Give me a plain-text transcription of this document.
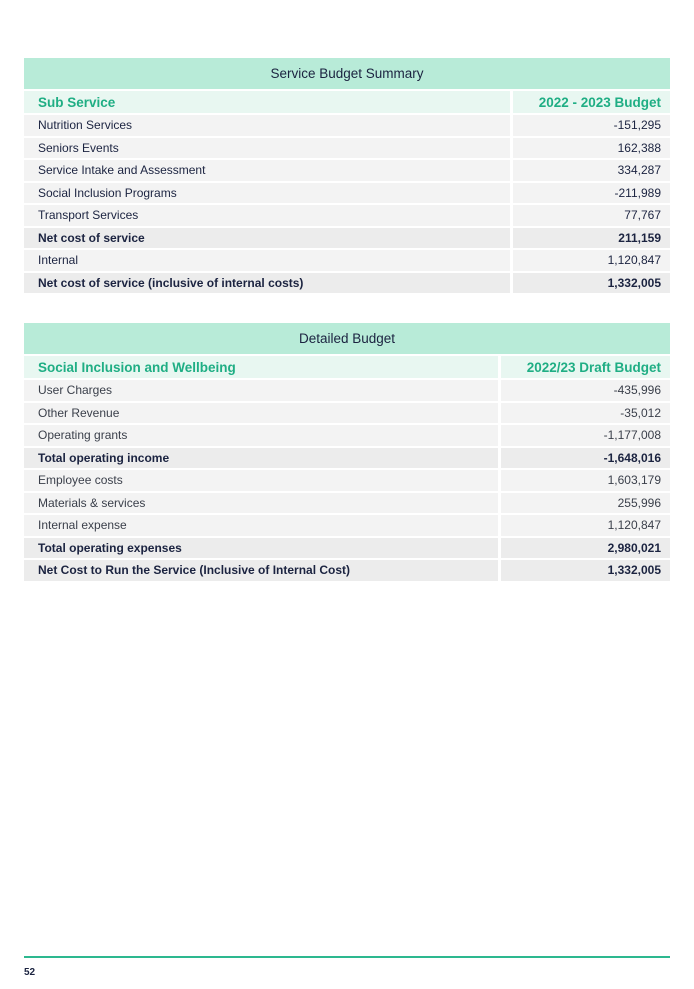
Service Budget Summary
Sub Service	2022 - 2023 Budget
Nutrition Services	-151,295
Seniors Events	162,388
Service Intake and Assessment	334,287
Social Inclusion Programs	-211,989
Transport Services	77,767
Net cost of service	211,159
Internal	1,120,847
Net cost of service (inclusive of internal costs)	1,332,005
Detailed Budget
Social Inclusion and Wellbeing	2022/23 Draft Budget
User Charges	-435,996
Other Revenue	-35,012
Operating grants	-1,177,008
Total operating income	-1,648,016
Employee costs	1,603,179
Materials & services	255,996
Internal expense	1,120,847
Total operating expenses	2,980,021
Net Cost to Run the Service (Inclusive of Internal Cost)	1,332,005
52
